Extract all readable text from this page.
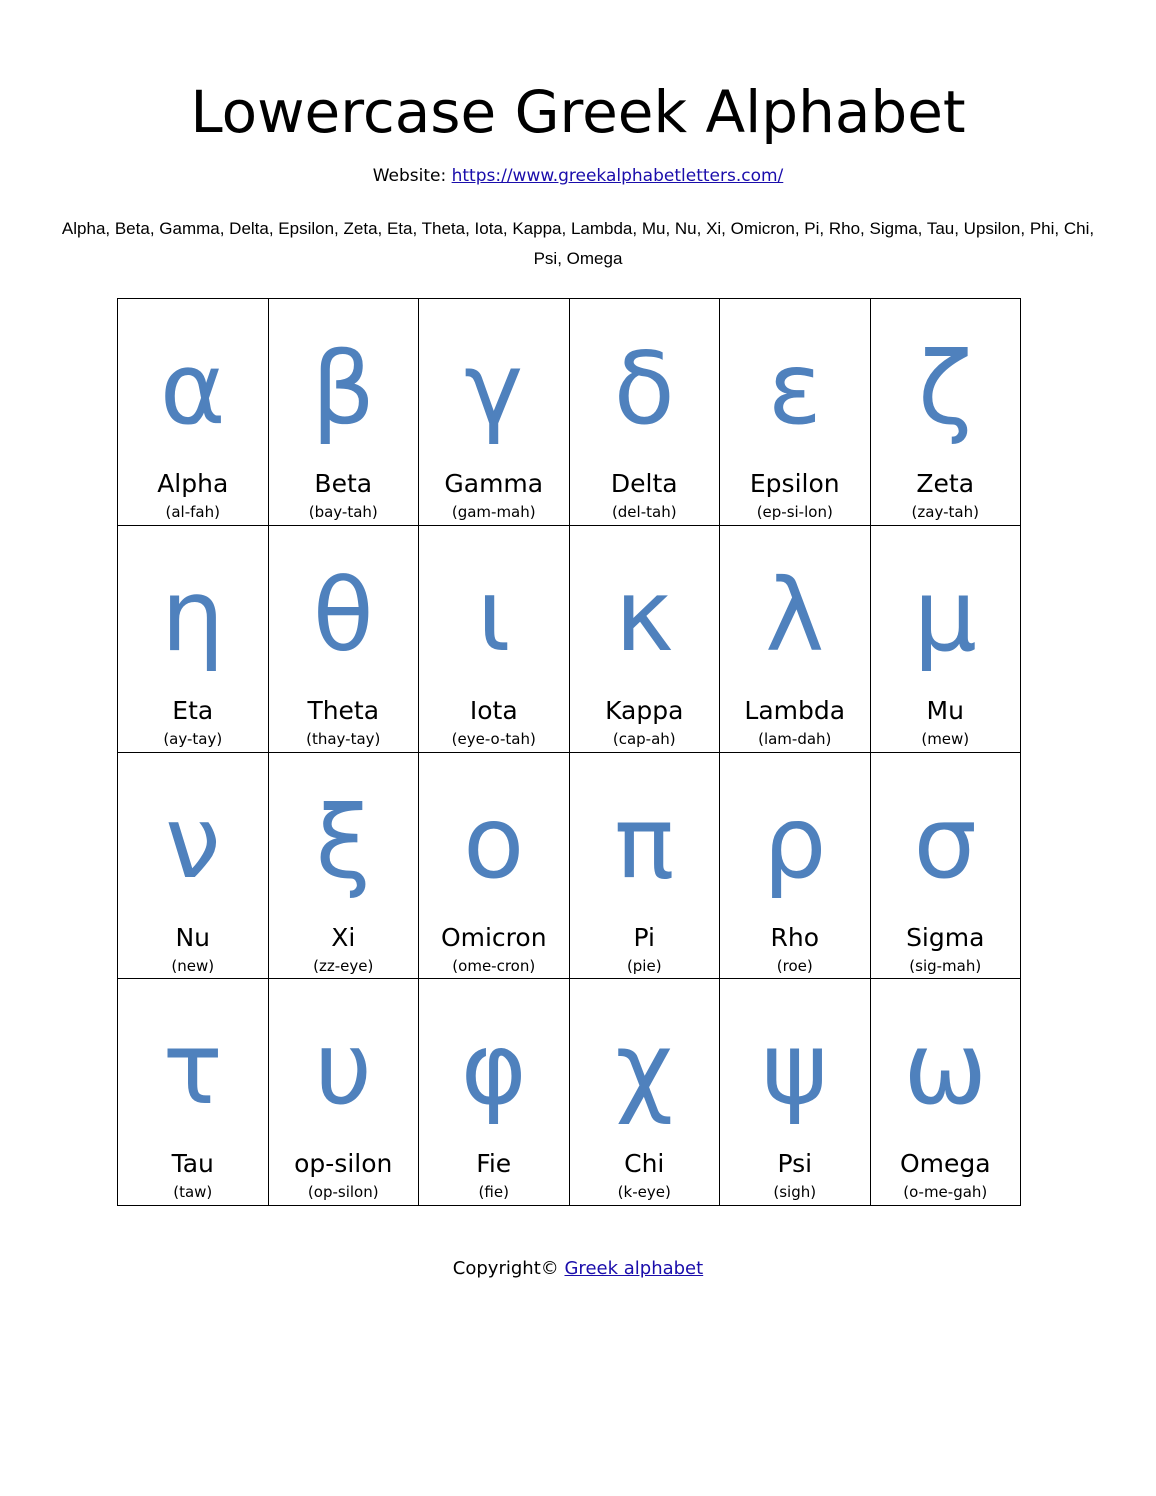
Lowercase Greek Alphabet
Website: https://www.greekalphabetletters.com/
Alpha, Beta, Gamma, Delta, Epsilon, Zeta, Eta, Theta, Iota, Kappa, Lambda, Mu, Nu, Xi, Omicron, Pi, Rho, Sigma, Tau, Upsilon, Phi, Chi, Psi, Omega
α
Alpha
(al-fah)
β
Beta
(bay-tah)
γ
Gamma
(gam-mah)
δ
Delta
(del-tah)
ε
Epsilon
(ep-si-lon)
ζ
Zeta
(zay-tah)
η
Eta
(ay-tay)
θ
Theta
(thay-tay)
ι
Iota
(eye-o-tah)
κ
Kappa
(cap-ah)
λ
Lambda
(lam-dah)
μ
Mu
(mew)
ν
Nu
(new)
ξ
Xi
(zz-eye)
ο
Omicron
(ome-cron)
π
Pi
(pie)
ρ
Rho
(roe)
σ
Sigma
(sig-mah)
τ
Tau
(taw)
υ
op-silon
(op-silon)
φ
Fie
(fie)
χ
Chi
(k-eye)
ψ
Psi
(sigh)
ω
Omega
(o-me-gah)
Copyright© Greek alphabet
